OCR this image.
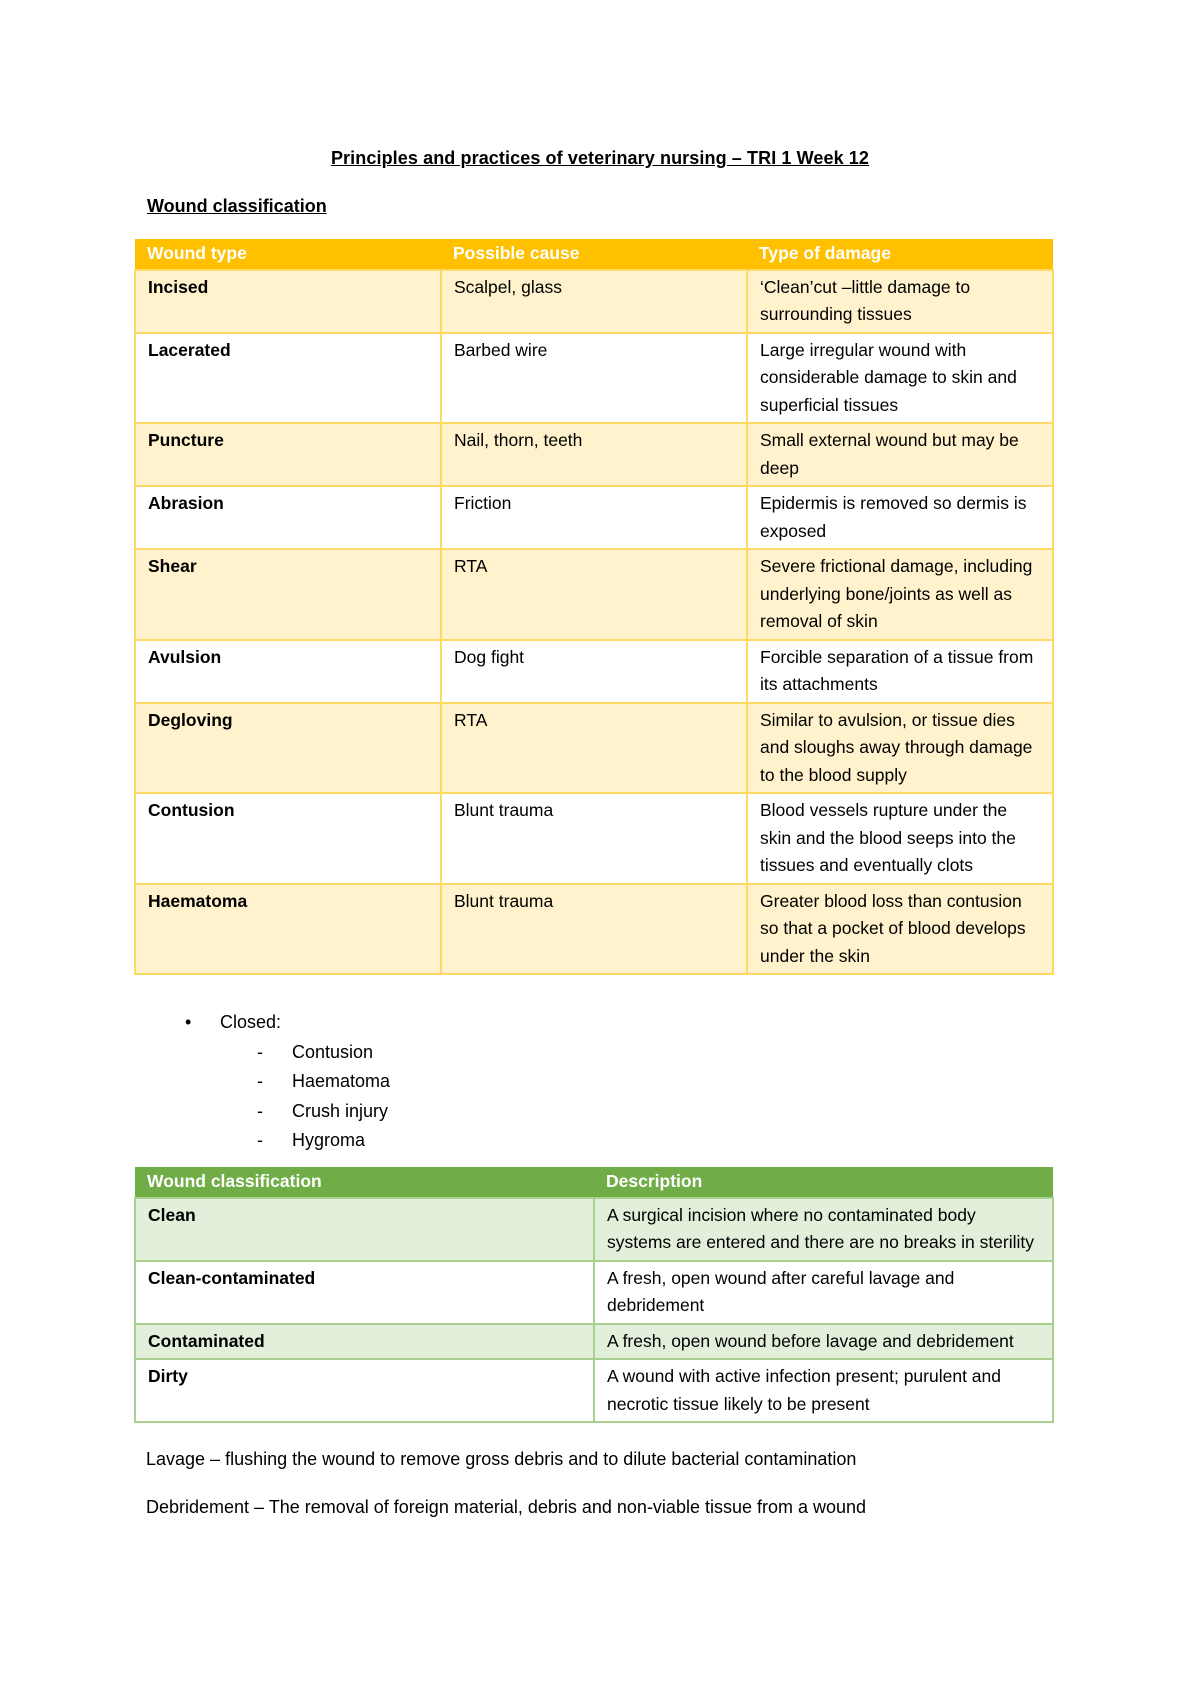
Principles and practices of veterinary nursing – TRI 1 Week 12
Wound classification
Wound type	Possible cause	Type of damage
Incised	Scalpel, glass	‘Clean’cut –little damage to surrounding tissues
Lacerated	Barbed wire	Large irregular wound with considerable damage to skin and superficial tissues
Puncture	Nail, thorn, teeth	Small external wound but may be deep
Abrasion	Friction	Epidermis is removed so dermis is exposed
Shear	RTA	Severe frictional damage, including underlying bone/joints as well as removal of skin
Avulsion	Dog fight	Forcible separation of a tissue from its attachments
Degloving	RTA	Similar to avulsion, or tissue dies and sloughs away through damage to the blood supply
Contusion	Blunt trauma	Blood vessels rupture under the skin and the blood seeps into the tissues and eventually clots
Haematoma	Blunt trauma	Greater blood loss than contusion so that a pocket of blood develops under the skin
•	Closed:
-	Contusion
-	Haematoma
-	Crush injury
-	Hygroma
Wound classification	Description
Clean	A surgical incision where no contaminated body systems are entered and there are no breaks in sterility
Clean-contaminated	A fresh, open wound after careful lavage and debridement
Contaminated	A fresh, open wound before lavage and debridement
Dirty	A wound with active infection present; purulent and necrotic tissue likely to be present
Lavage – flushing the wound to remove gross debris and to dilute bacterial contamination
Debridement – The removal of foreign material, debris and non-viable tissue from a wound
